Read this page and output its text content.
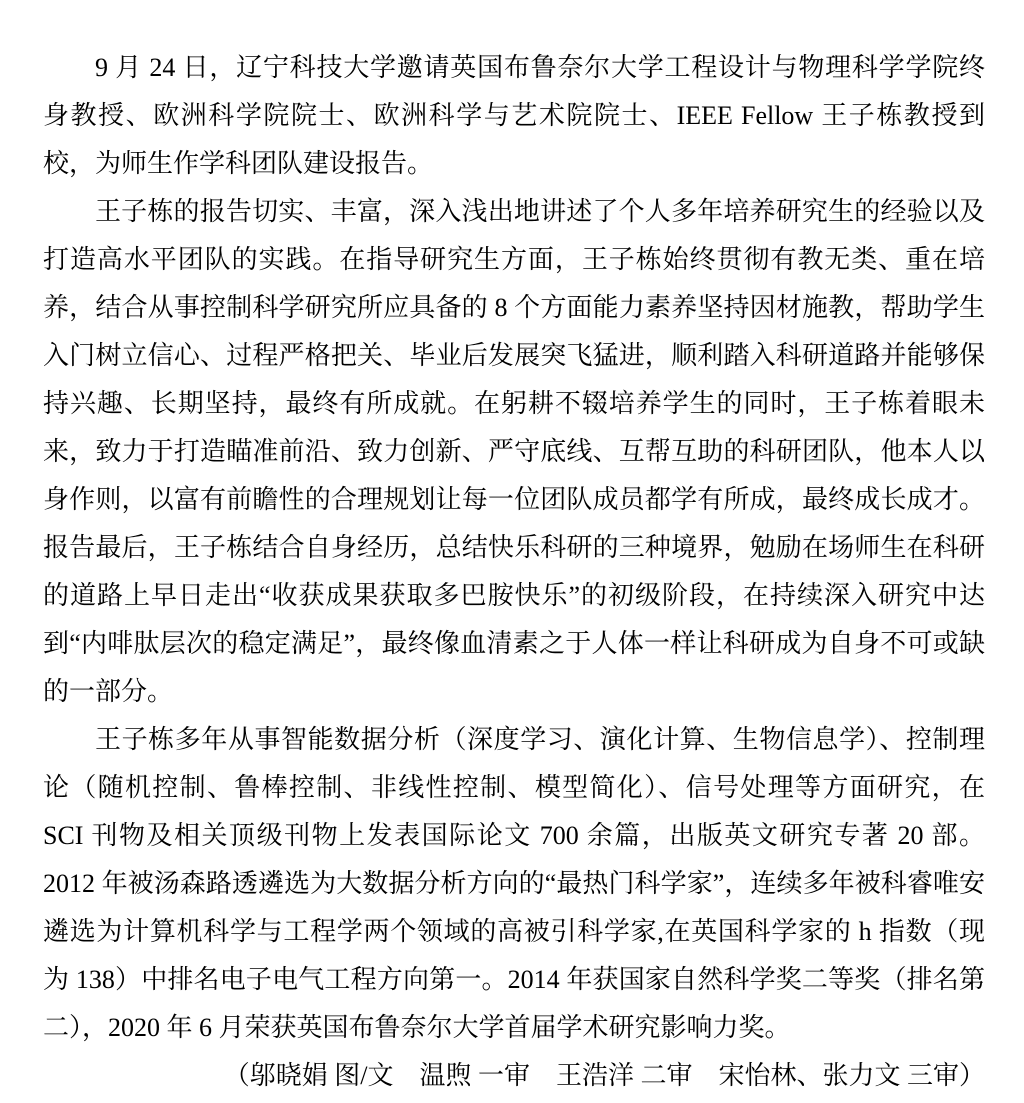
9 月 24 日，辽宁科技大学邀请英国布鲁奈尔大学工程设计与物理科学学院终身教授、欧洲科学院院士、欧洲科学与艺术院院士、IEEE Fellow 王子栋教授到校，为师生作学科团队建设报告。

王子栋的报告切实、丰富，深入浅出地讲述了个人多年培养研究生的经验以及打造高水平团队的实践。在指导研究生方面，王子栋始终贯彻有教无类、重在培养，结合从事控制科学研究所应具备的 8 个方面能力素养坚持因材施教，帮助学生入门树立信心、过程严格把关、毕业后发展突飞猛进，顺利踏入科研道路并能够保持兴趣、长期坚持，最终有所成就。在躬耕不辍培养学生的同时，王子栋着眼未来，致力于打造瞄准前沿、致力创新、严守底线、互帮互助的科研团队，他本人以身作则，以富有前瞻性的合理规划让每一位团队成员都学有所成，最终成长成才。报告最后，王子栋结合自身经历，总结快乐科研的三种境界，勉励在场师生在科研的道路上早日走出“收获成果获取多巴胺快乐”的初级阶段，在持续深入研究中达到“内啡肽层次的稳定满足”，最终像血清素之于人体一样让科研成为自身不可或缺的一部分。

王子栋多年从事智能数据分析（深度学习、演化计算、生物信息学）、控制理论（随机控制、鲁棒控制、非线性控制、模型简化）、信号处理等方面研究，在 SCI 刊物及相关顶级刊物上发表国际论文 700 余篇，出版英文研究专著 20 部。2012 年被汤森路透遴选为大数据分析方向的“最热门科学家”，连续多年被科睿唯安遴选为计算机科学与工程学两个领域的高被引科学家,在英国科学家的 h 指数（现为 138）中排名电子电气工程方向第一。2014 年获国家自然科学奖二等奖（排名第二），2020 年 6 月荣获英国布鲁奈尔大学首届学术研究影响力奖。

（邬晓娟 图/文　温煦 一审　王浩洋 二审　宋怡林、张力文 三审）
